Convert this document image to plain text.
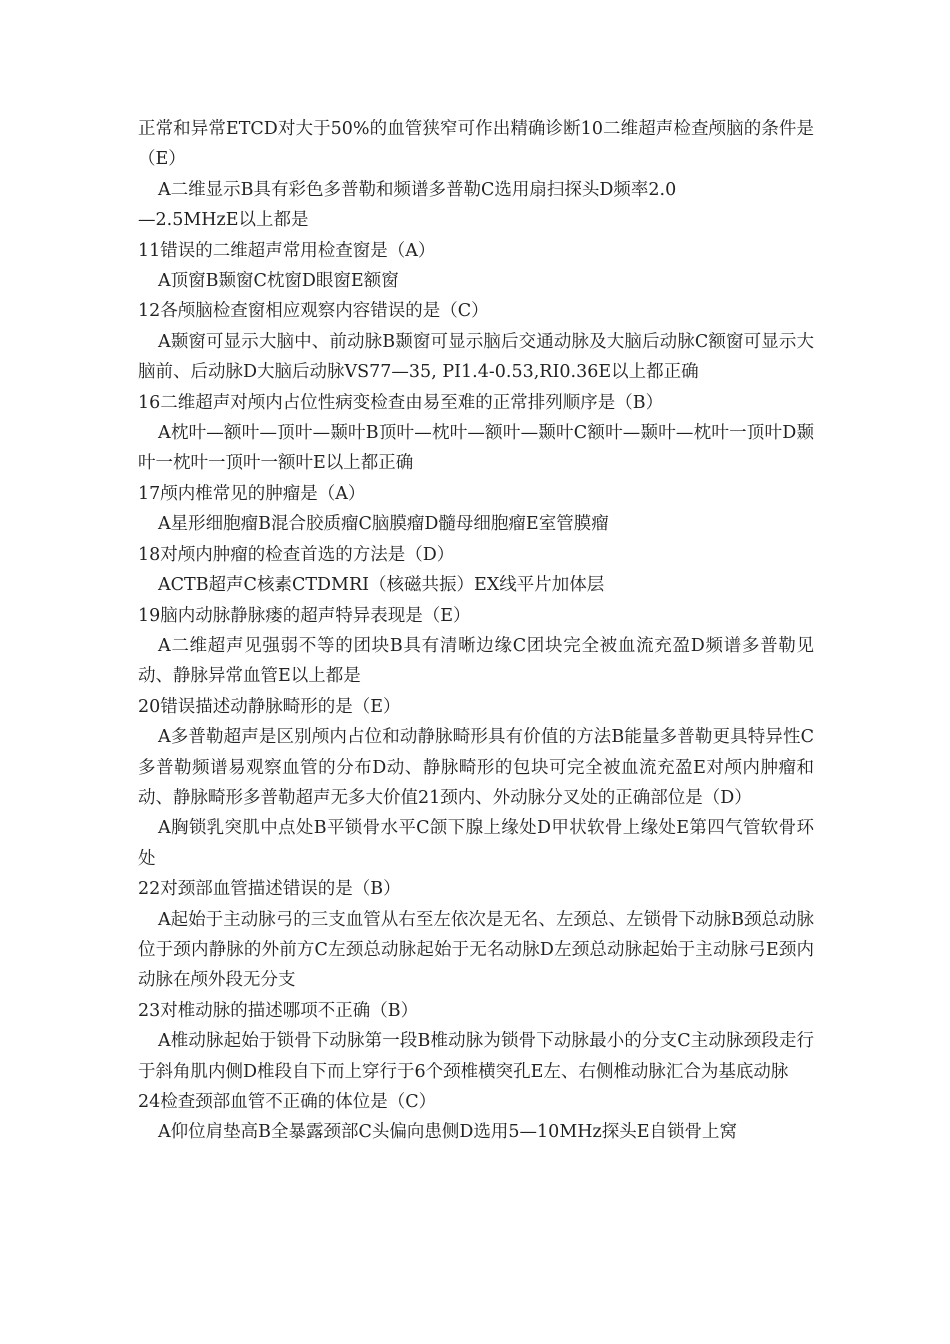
正常和异常ETCD对大于50%的血管狭窄可作出精确诊断10二维超声检查颅脑的条件是（E）

A二维显示B具有彩色多普勒和频谱多普勒C选用扇扫探头D频率2.0

—2.5MHzE以上都是

11错误的二维超声常用检查窗是（A）

A顶窗B颞窗C枕窗D眼窗E额窗

12各颅脑检查窗相应观察内容错误的是（C）

A颞窗可显示大脑中、前动脉B颞窗可显示脑后交通动脉及大脑后动脉C额窗可显示大脑前、后动脉D大脑后动脉VS77—35, PI1.4-0.53,RI0.36E以上都正确

16二维超声对颅内占位性病变检查由易至难的正常排列顺序是（B）

A枕叶—额叶—顶叶—颞叶B顶叶—枕叶—额叶—颞叶C额叶—颞叶—枕叶一顶叶D颞叶一枕叶一顶叶一额叶E以上都正确

17颅内椎常见的肿瘤是（A）

A星形细胞瘤B混合胶质瘤C脑膜瘤D髓母细胞瘤E室管膜瘤

18对颅内肿瘤的检查首选的方法是（D）

ACTB超声C核素CTDMRI（核磁共振）EX线平片加体层

19脑内动脉静脉瘘的超声特异表现是（E）

A二维超声见强弱不等的团块B具有清晰边缘C团块完全被血流充盈D频谱多普勒见动、静脉异常血管E以上都是

20错误描述动静脉畸形的是（E）

A多普勒超声是区别颅内占位和动静脉畸形具有价值的方法B能量多普勒更具特异性C多普勒频谱易观察血管的分布D动、静脉畸形的包块可完全被血流充盈E对颅内肿瘤和动、静脉畸形多普勒超声无多大价值21颈内、外动脉分叉处的正确部位是（D）

A胸锁乳突肌中点处B平锁骨水平C颌下腺上缘处D甲状软骨上缘处E第四气管软骨环处

22对颈部血管描述错误的是（B）

A起始于主动脉弓的三支血管从右至左依次是无名、左颈总、左锁骨下动脉B颈总动脉位于颈内静脉的外前方C左颈总动脉起始于无名动脉D左颈总动脉起始于主动脉弓E颈内动脉在颅外段无分支

23对椎动脉的描述哪项不正确（B）

A椎动脉起始于锁骨下动脉第一段B椎动脉为锁骨下动脉最小的分支C主动脉颈段走行于斜角肌内侧D椎段自下而上穿行于6个颈椎横突孔E左、右侧椎动脉汇合为基底动脉

24检查颈部血管不正确的体位是（C）

A仰位肩垫高B全暴露颈部C头偏向患侧D选用5—10MHz探头E自锁骨上窝
